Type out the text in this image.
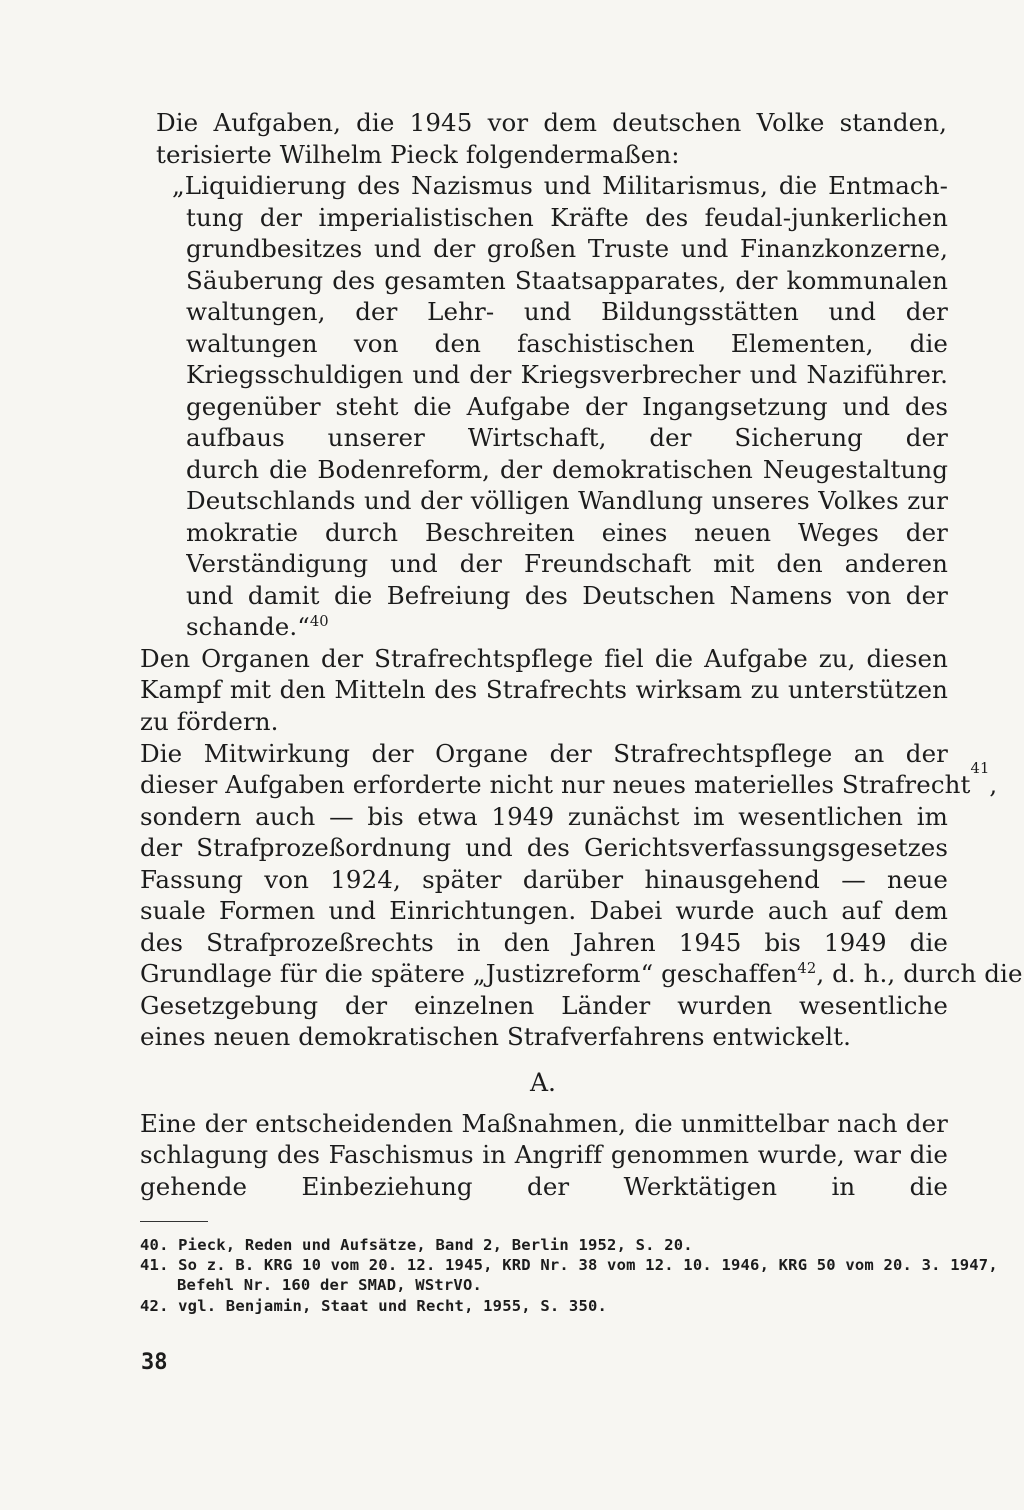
Die Aufgaben, die 1945 vor dem deutschen Volke standen,
terisierte Wilhelm Pieck folgendermaßen:
„Liquidierung des Nazismus und Militarismus, die Entmach-
tung der imperialistischen Kräfte des feudal-junkerlichen
grundbesitzes und der großen Truste und Finanzkonzerne,
Säuberung des gesamten Staatsapparates, der kommunalen
waltungen, der Lehr- und Bildungsstätten und der
waltungen von den faschistischen Elementen, die
Kriegsschuldigen und der Kriegsverbrecher und Naziführer.
gegenüber steht die Aufgabe der Ingangsetzung und des
aufbaus unserer Wirtschaft, der Sicherung der
durch die Bodenreform, der demokratischen Neugestaltung
Deutschlands und der völligen Wandlung unseres Volkes zur
mokratie durch Beschreiten eines neuen Weges der
Verständigung und der Freundschaft mit den anderen
und damit die Befreiung des Deutschen Namens von der
schande.“$^{40}$
Den Organen der Strafrechtspflege fiel die Aufgabe zu, diesen
Kampf mit den Mitteln des Strafrechts wirksam zu unterstützen
zu fördern.
Die Mitwirkung der Organe der Strafrechtspflege an der
dieser Aufgaben erforderte nicht nur neues materielles Strafrecht
41
,
sondern auch — bis etwa 1949 zunächst im wesentlichen im
der Strafprozeßordnung und des Gerichtsverfassungsgesetzes
Fassung von 1924, später darüber hinausgehend — neue
suale Formen und Einrichtungen. Dabei wurde auch auf dem
des Strafprozeßrechts in den Jahren 1945 bis 1949 die
Grundlage für die spätere „Justizreform“ geschaffen$^{42}$, d. h., durch die
Gesetzgebung der einzelnen Länder wurden wesentliche
eines neuen demokratischen Strafverfahrens entwickelt.
A.
Eine der entscheidenden Maßnahmen, die unmittelbar nach der
schlagung des Faschismus in Angriff genommen wurde, war die
gehende Einbeziehung der Werktätigen in die
40. Pieck, Reden und Aufsätze, Band 2, Berlin 1952, S. 20.
41. So z. B. KRG 10 vom 20. 12. 1945, KRD Nr. 38 vom 12. 10. 1946, KRG 50 vom 20. 3. 1947,
Befehl Nr. 160 der SMAD, WStrVO.
42. vgl. Benjamin, Staat und Recht, 1955, S. 350.
38
